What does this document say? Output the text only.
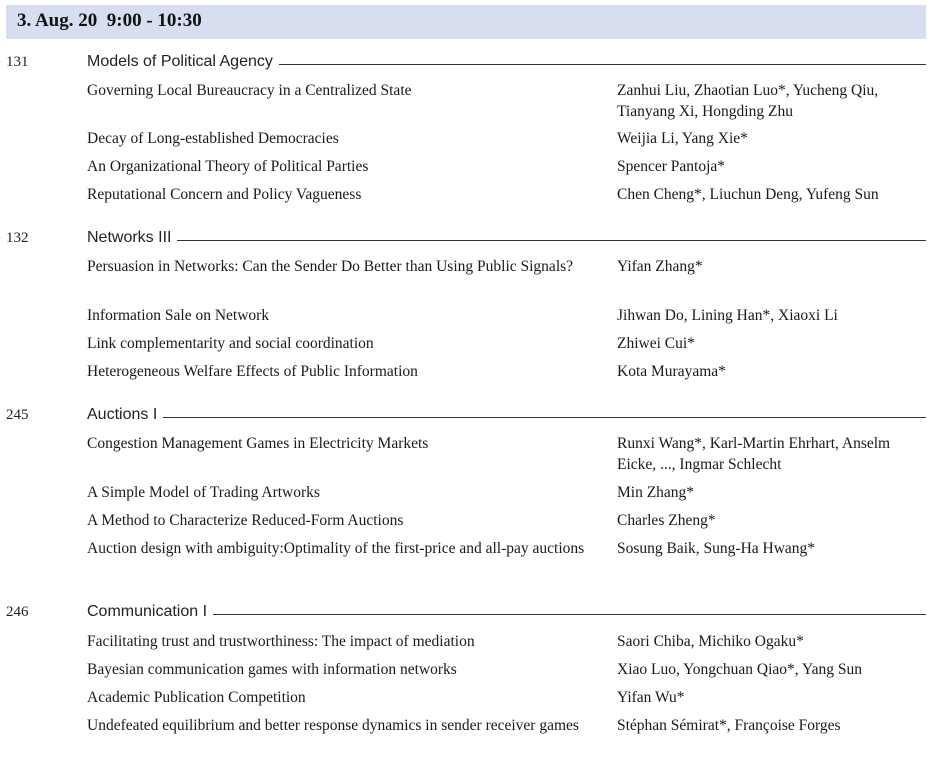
3. Aug. 20  9:00 - 10:30
131	Models of Political Agency
Governing Local Bureaucracy in a Centralized State	Zanhui Liu, Zhaotian Luo*, Yucheng Qiu, Tianyang Xi, Hongding Zhu
Decay of Long-established Democracies	Weijia Li, Yang Xie*
An Organizational Theory of Political Parties	Spencer Pantoja*
Reputational Concern and Policy Vagueness	Chen Cheng*, Liuchun Deng, Yufeng Sun
132	Networks III
Persuasion in Networks: Can the Sender Do Better than Using Public Signals?	Yifan Zhang*
Information Sale on Network	Jihwan Do, Lining Han*, Xiaoxi Li
Link complementarity and social coordination	Zhiwei Cui*
Heterogeneous Welfare Effects of Public Information	Kota Murayama*
245	Auctions I
Congestion Management Games in Electricity Markets	Runxi Wang*, Karl-Martin Ehrhart, Anselm Eicke, ..., Ingmar Schlecht
A Simple Model of Trading Artworks	Min Zhang*
A Method to Characterize Reduced-Form Auctions	Charles Zheng*
Auction design with ambiguity:Optimality of the first-price and all-pay auctions	Sosung Baik, Sung-Ha Hwang*
246	Communication I
Facilitating trust and trustworthiness: The impact of mediation	Saori Chiba, Michiko Ogaku*
Bayesian communication games with information networks	Xiao Luo, Yongchuan Qiao*, Yang Sun
Academic Publication Competition	Yifan Wu*
Undefeated equilibrium and better response dynamics in sender receiver games	Stéphan Sémirat*, Françoise Forges
